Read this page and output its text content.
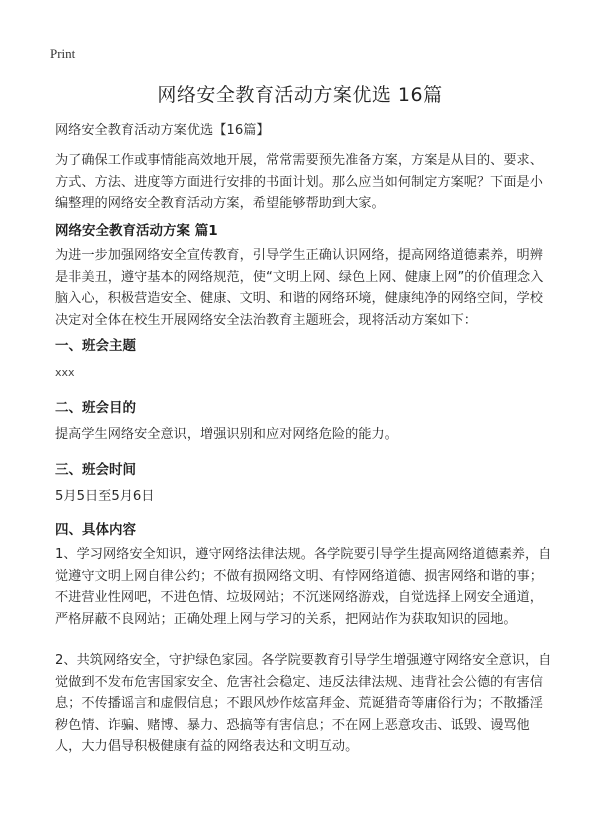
Print
网络安全教育活动方案优选 16篇
网络安全教育活动方案优选【16篇】
为了确保工作或事情能高效地开展，常常需要预先准备方案，方案是从目的、要求、方式、方法、进度等方面进行安排的书面计划。那么应当如何制定方案呢？下面是小编整理的网络安全教育活动方案，希望能够帮助到大家。
网络安全教育活动方案 篇1
为进一步加强网络安全宣传教育，引导学生正确认识网络，提高网络道德素养，明辨是非美丑，遵守基本的网络规范，使“文明上网、绿色上网、健康上网”的价值理念入脑入心，积极营造安全、健康、文明、和谐的网络环境，健康纯净的网络空间，学校决定对全体在校生开展网络安全法治教育主题班会，现将活动方案如下：
一、班会主题
xxx
二、班会目的
提高学生网络安全意识，增强识别和应对网络危险的能力。
三、班会时间
5月5日至5月6日
四、具体内容
1、学习网络安全知识，遵守网络法律法规。各学院要引导学生提高网络道德素养，自觉遵守文明上网自律公约；不做有损网络文明、有悖网络道德、损害网络和谐的事；不进营业性网吧，不进色情、垃圾网站；不沉迷网络游戏，自觉选择上网安全通道，严格屏蔽不良网站；正确处理上网与学习的关系，把网站作为获取知识的园地。
2、共筑网络安全，守护绿色家园。各学院要教育引导学生增强遵守网络安全意识，自觉做到不发布危害国家安全、危害社会稳定、违反法律法规、违背社会公德的有害信息；不传播谣言和虚假信息；不跟风炒作炫富拜金、荒诞猎奇等庸俗行为；不散播淫秽色情、诈骗、赌博、暴力、恐搞等有害信息；不在网上恶意攻击、诋毁、谩骂他人，大力倡导积极健康有益的网络表达和文明互动。
